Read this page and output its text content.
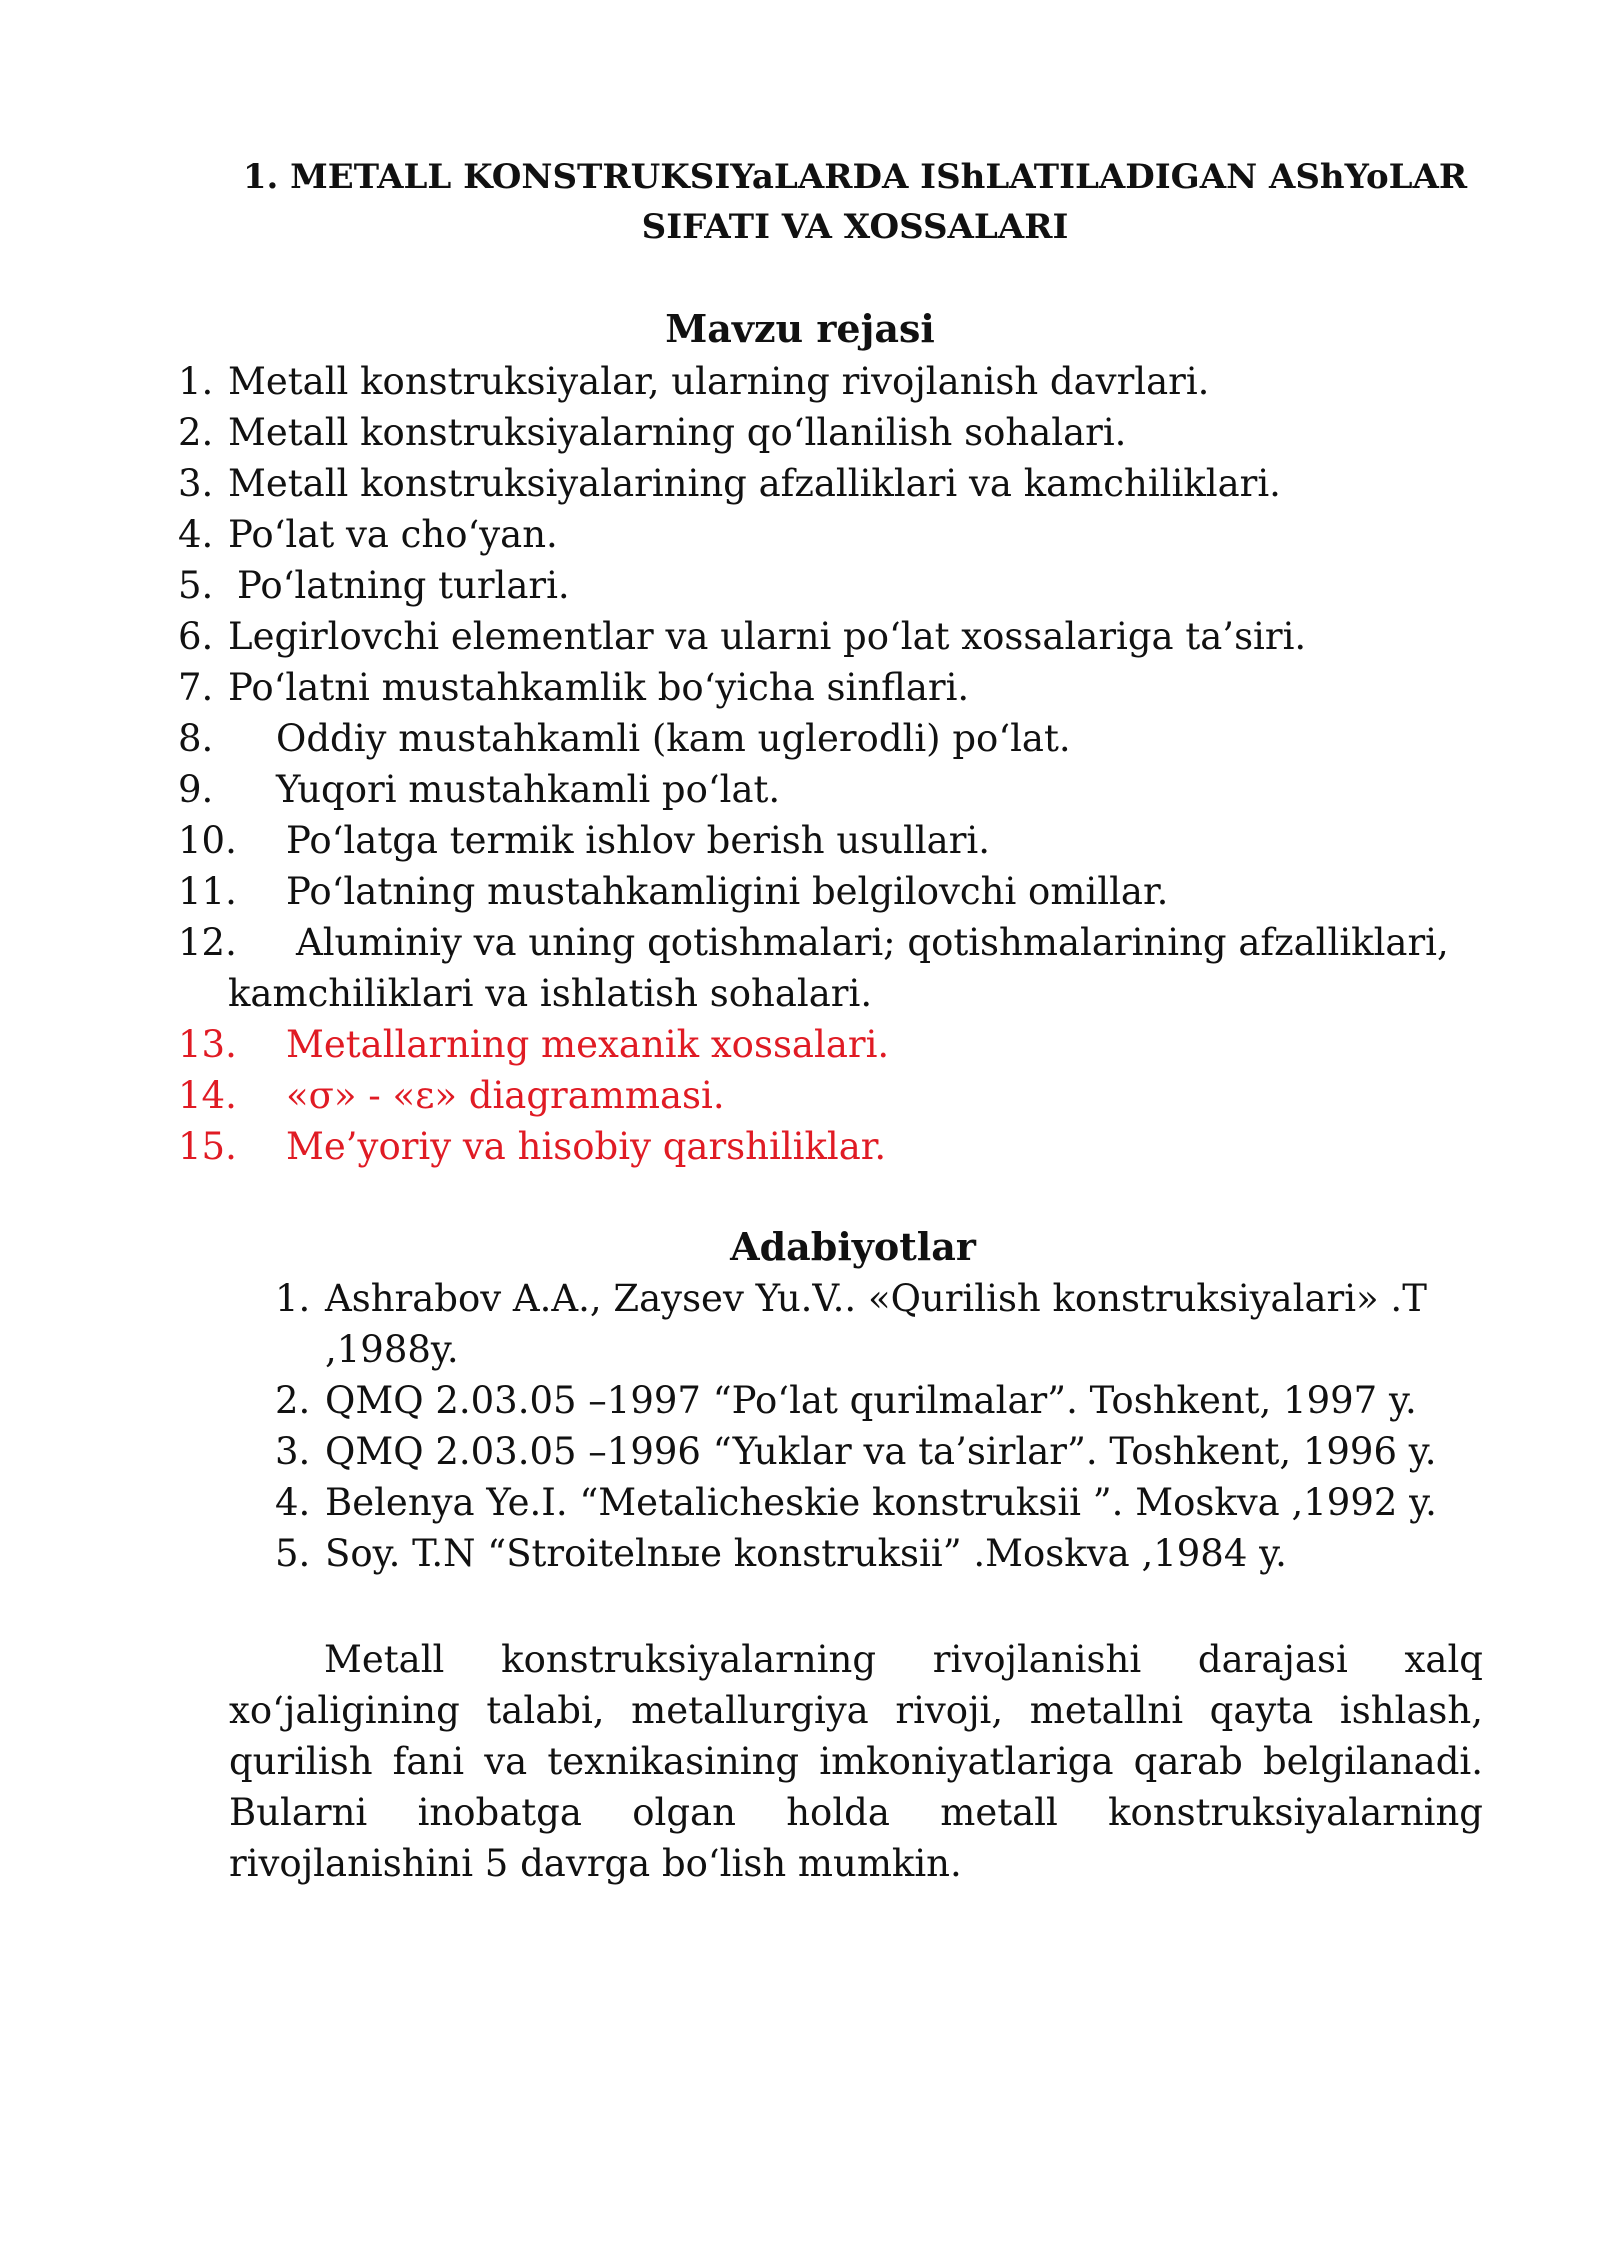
1. METALL KONSTRUKSIYaLARDA IShLATILADIGAN AShYoLAR
SIFATI VA XOSSALARI
Mavzu rejasi
1. Metall konstruksiyalar, ularning rivojlanish davrlari.
2. Metall konstruksiyalarning qo‘llanilish sohalari.
3. Metall konstruksiyalarining afzalliklari va kamchiliklari.
4. Po‘lat va cho‘yan.
5. Po‘latning turlari.
6. Legirlovchi elementlar va ularni po‘lat xossalariga ta’siri.
7. Po‘latni mustahkamlik bo‘yicha sinflari.
8. Oddiy mustahkamli (kam uglerodli) po‘lat.
9. Yuqori mustahkamli po‘lat.
10. Po‘latga termik ishlov berish usullari.
11. Po‘latning mustahkamligini belgilovchi omillar.
12. Aluminiy va uning qotishmalari; qotishmalarining afzalliklari,
kamchiliklari va ishlatish sohalari.
13. Metallarning mexanik xossalari.
14. «σ» - «ε» diagrammasi.
15. Me’yoriy va hisobiy qarshiliklar.
Adabiyotlar
1. Ashrabov A.A., Zaysev Yu.V.. «Qurilish konstruksiyalari» .T
,1988y.
2. QMQ 2.03.05 –1997 “Po‘lat qurilmalar”. Toshkent, 1997 y.
3. QMQ 2.03.05 –1996 “Yuklar va ta’sirlar”. Toshkent, 1996 y.
4. Belenya Ye.I. “Metalicheskie konstruksii ”. Moskva ,1992 y.
5. Soy. T.N “Stroitelnыe konstruksii” .Moskva ,1984 y.
Metall konstruksiyalarning rivojlanishi darajasi xalq xo‘jaligining talabi, metallurgiya rivoji, metallni qayta ishlash, qurilish fani va texnikasining imkoniyatlariga qarab belgilanadi. Bularni inobatga olgan holda metall konstruksiyalarning rivojlanishini 5 davrga bo‘lish mumkin.
